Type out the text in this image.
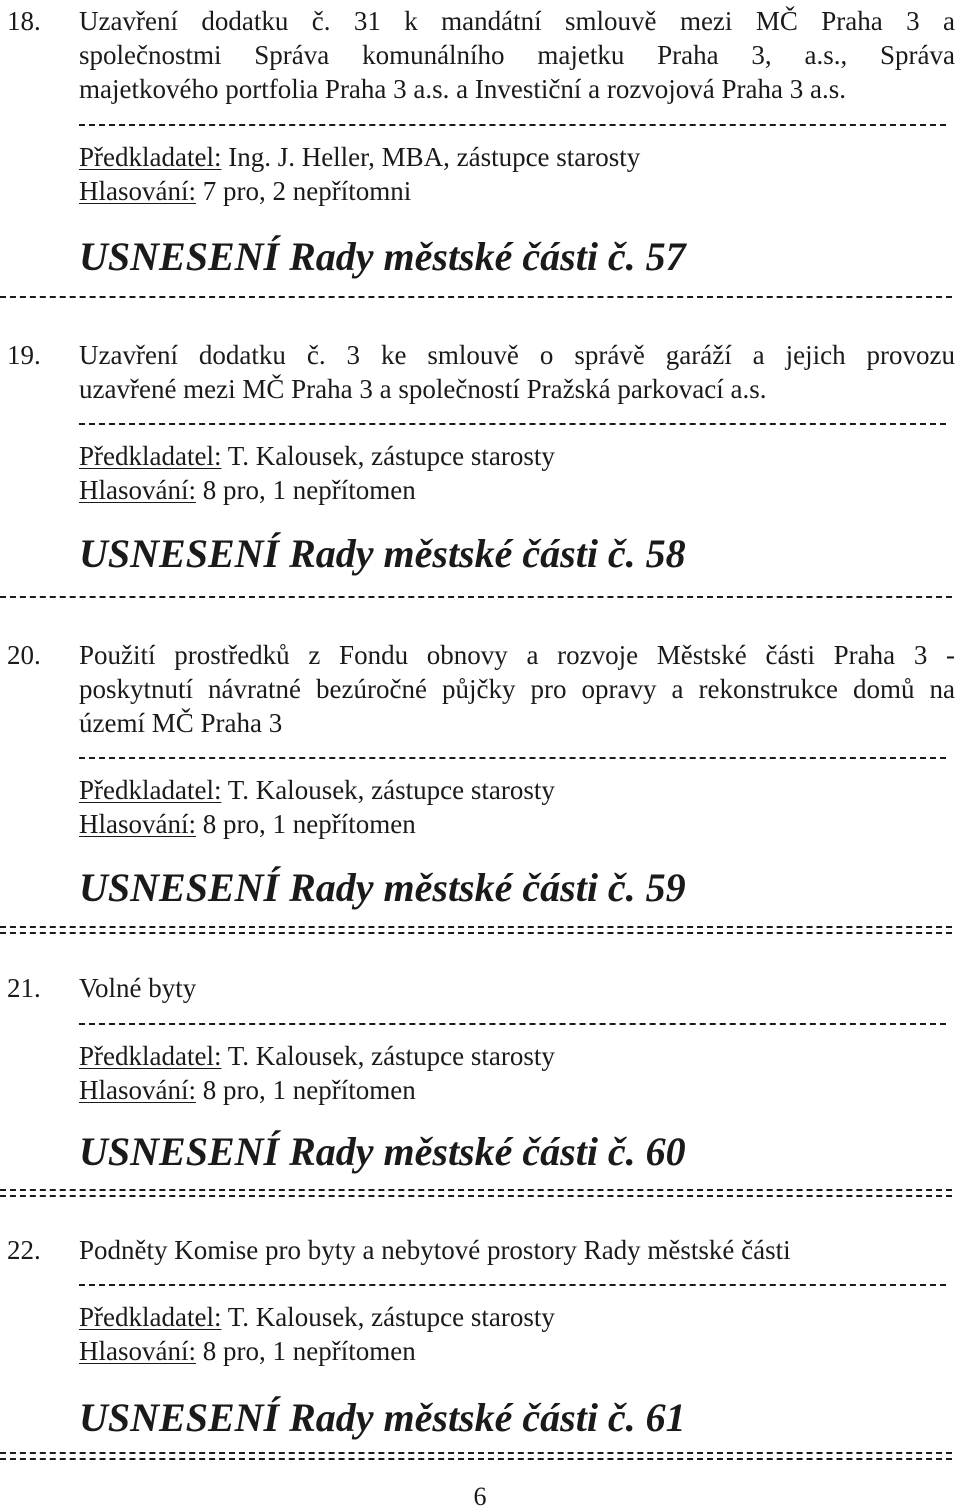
18. Uzavření dodatku č. 31 k mandátní smlouvě mezi MČ Praha 3 a
společnostmi Správa komunálního majetku Praha 3, a.s., Správa
majetkového portfolia Praha 3 a.s. a Investiční a rozvojová Praha 3 a.s.
Předkladatel: Ing. J. Heller, MBA, zástupce starosty
Hlasování: 7 pro, 2 nepřítomni
USNESENÍ Rady městské části č. 57
19. Uzavření dodatku č. 3 ke smlouvě o správě garáží a jejich provozu
uzavřené mezi MČ Praha 3 a společností Pražská parkovací a.s.
Předkladatel: T. Kalousek, zástupce starosty
Hlasování: 8 pro, 1 nepřítomen
USNESENÍ Rady městské části č. 58
20. Použití prostředků z Fondu obnovy a rozvoje Městské části Praha 3 -
poskytnutí návratné bezúročné půjčky pro opravy a rekonstrukce domů na
území MČ Praha 3
Předkladatel: T. Kalousek, zástupce starosty
Hlasování: 8 pro, 1 nepřítomen
USNESENÍ Rady městské části č. 59
21. Volné byty
Předkladatel: T. Kalousek, zástupce starosty
Hlasování: 8 pro, 1 nepřítomen
USNESENÍ Rady městské části č. 60
22. Podněty Komise pro byty a nebytové prostory Rady městské části
Předkladatel: T. Kalousek, zástupce starosty
Hlasování: 8 pro, 1 nepřítomen
USNESENÍ Rady městské části č. 61
6
